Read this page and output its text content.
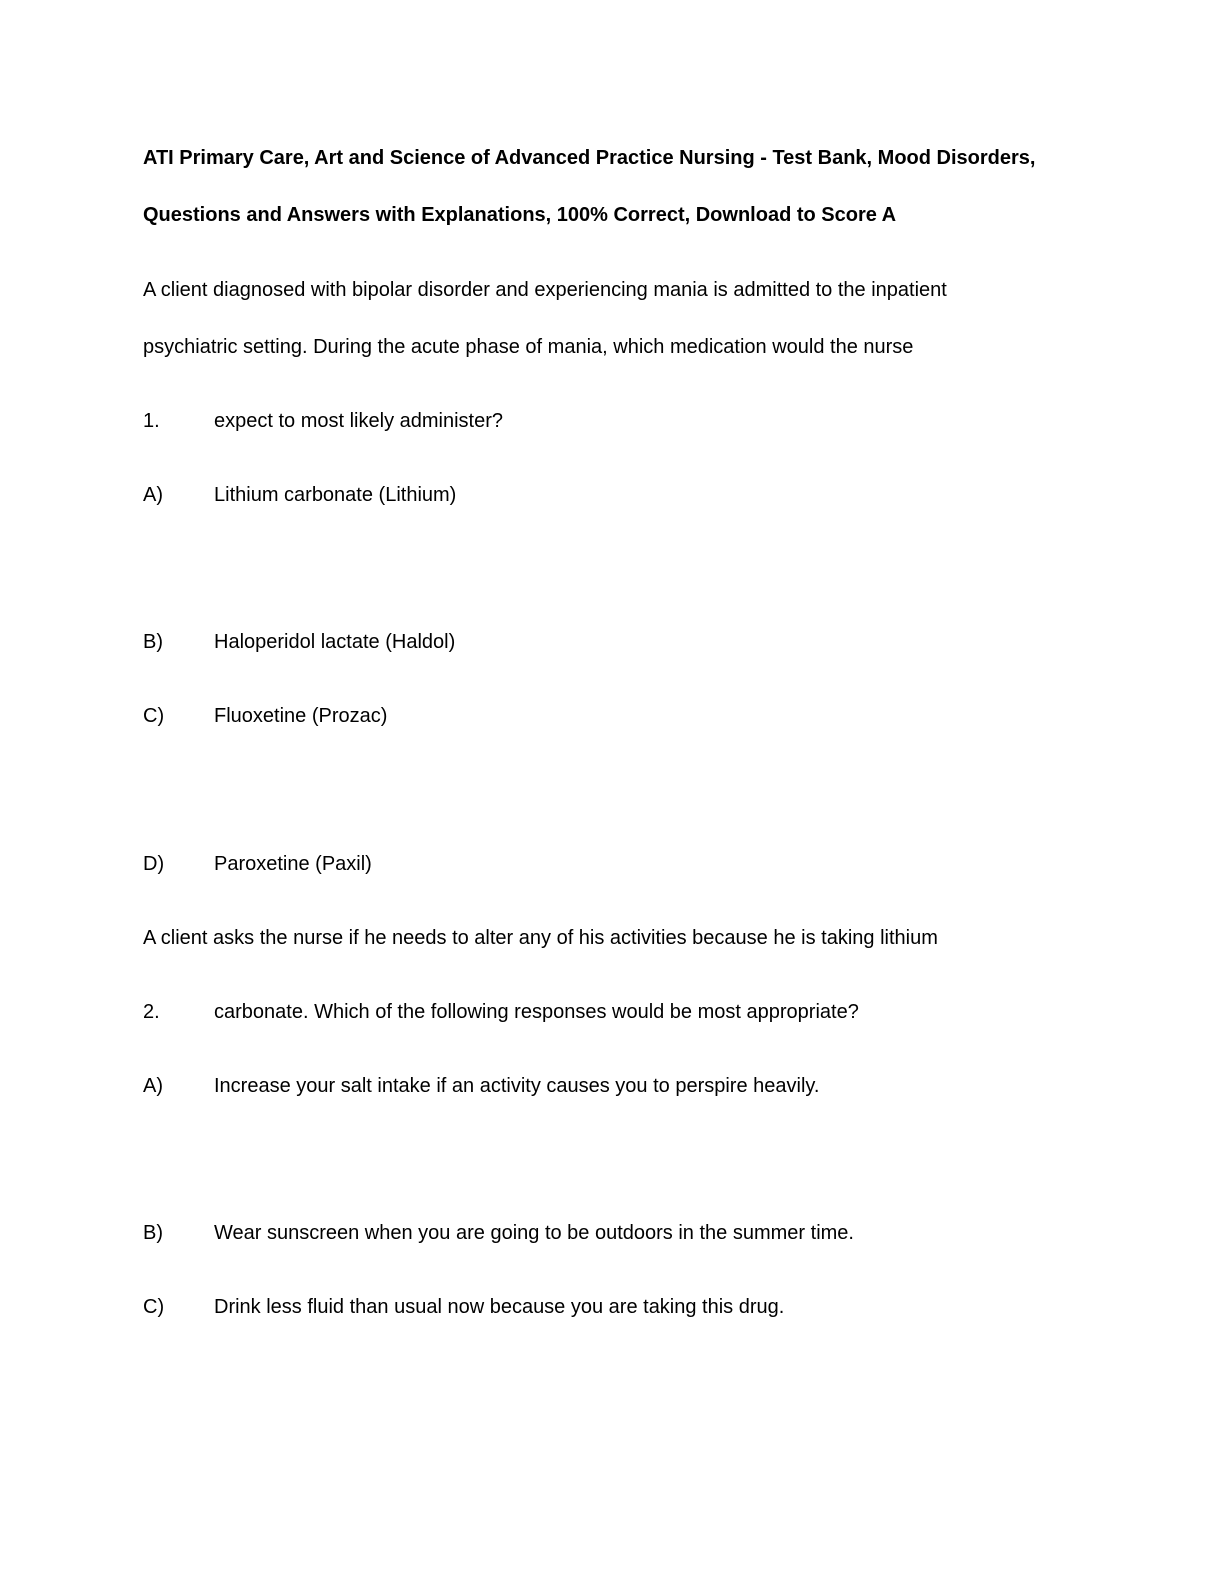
ATI Primary Care, Art and Science of Advanced Practice Nursing - Test Bank, Mood Disorders,
Questions and Answers with Explanations, 100% Correct, Download to Score A
A client diagnosed with bipolar disorder and experiencing mania is admitted to the inpatient
psychiatric setting. During the acute phase of mania, which medication would the nurse
1.	expect to most likely administer?
A)	Lithium carbonate (Lithium)
B)	Haloperidol lactate (Haldol)
C) Fluoxetine (Prozac)
D) Paroxetine (Paxil)
A client asks the nurse if he needs to alter any of his activities because he is taking lithium
2.	carbonate. Which of the following responses would be most appropriate?
A)	Increase your salt intake if an activity causes you to perspire heavily.
B)	Wear sunscreen when you are going to be outdoors in the summer time.
C) Drink less fluid than usual now because you are taking this drug.
